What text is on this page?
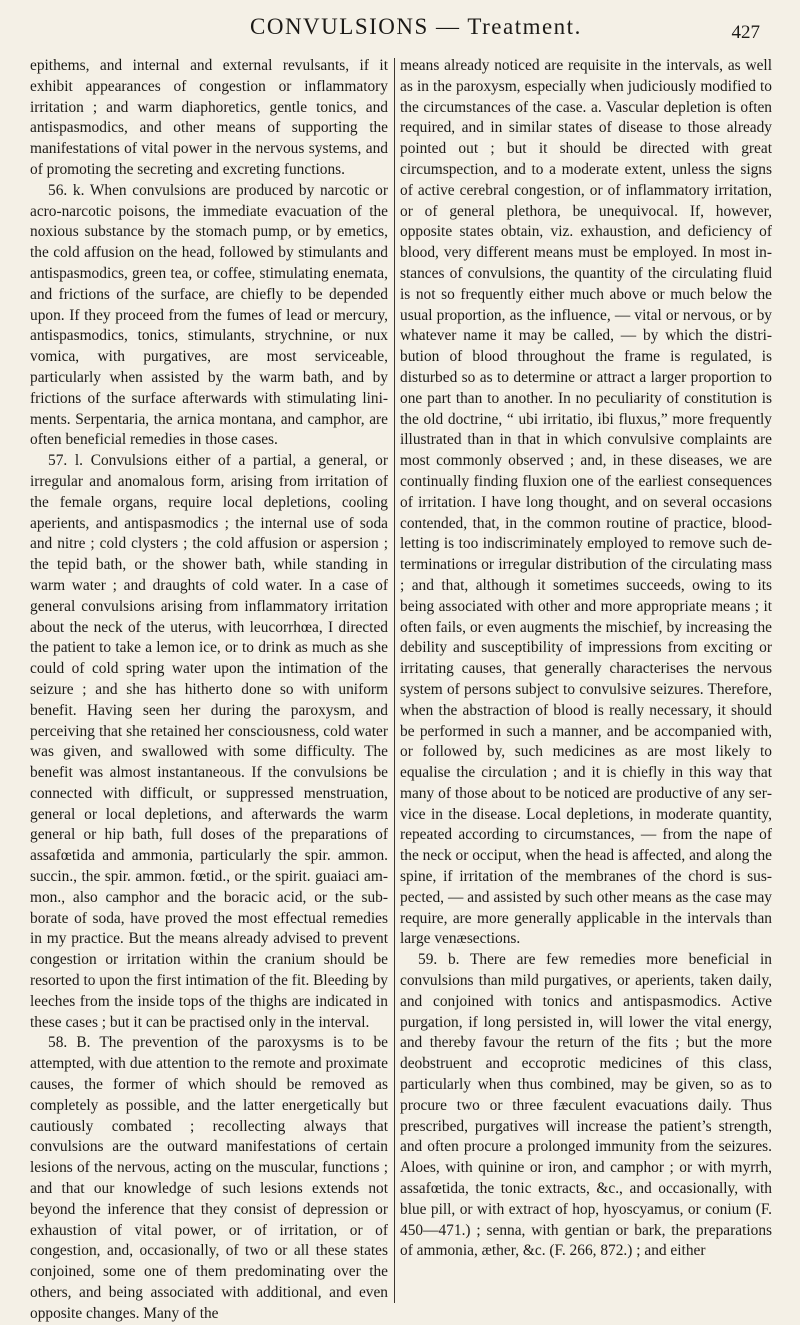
CONVULSIONS — Treatment.	427

epithems, and internal and external revulsants, if it exhibit appearances of congestion or inflammatory irritation ; and warm diaphoretics, gentle tonics, and antispasmodics, and other means of supporting the manifestations of vital power in the nervous systems, and of promoting the secreting and excreting functions.

56. k. When convulsions are produced by narcotic or acro-narcotic poisons, the immediate evacuation of the noxious substance by the stomach pump, or by emetics, the cold affusion on the head, followed by stimulants and antispasmodics, green tea, or coffee, stimulating enemata, and frictions of the surface, are chiefly to be depended upon. If they proceed from the fumes of lead or mercury, antispasmodics, tonics, stimulants, strychnine, or nux vomica, with purgatives, are most serviceable, particularly when assisted by the warm bath, and by frictions of the surface afterwards with stimulating liniments. Serpentaria, the arnica montana, and camphor, are often beneficial remedies in those cases.

57. l. Convulsions either of a partial, a general, or irregular and anomalous form, arising from irritation of the female organs, require local depletions, cooling aperients, and antispasmodics ; the internal use of soda and nitre ; cold clysters ; the cold affusion or aspersion ; the tepid bath, or the shower bath, while standing in warm water ; and draughts of cold water. In a case of general convulsions arising from inflammatory irritation about the neck of the uterus, with leucorrhœa, I directed the patient to take a lemon ice, or to drink as much as she could of cold spring water upon the intimation of the seizure ; and she has hitherto done so with uniform benefit. Having seen her during the paroxysm, and perceiving that she retained her consciousness, cold water was given, and swallowed with some difficulty. The benefit was almost instantaneous. If the convulsions be connected with difficult, or suppressed menstruation, general or local depletions, and afterwards the warm general or hip bath, full doses of the preparations of assafœtida and ammonia, particularly the spir. ammon. succin., the spir. ammon. fœtid., or the spirit. guaiaci ammon., also camphor and the boracic acid, or the sub-borate of soda, have proved the most effectual remedies in my practice. But the means already advised to prevent congestion or irritation within the cranium should be resorted to upon the first intimation of the fit. Bleeding by leeches from the inside tops of the thighs are indicated in these cases ; but it can be practised only in the interval.

58. B. The prevention of the paroxysms is to be attempted, with due attention to the remote and proximate causes, the former of which should be removed as completely as possible, and the latter energetically but cautiously combated ; recollecting always that convulsions are the outward manifestations of certain lesions of the nervous, acting on the muscular, functions ; and that our knowledge of such lesions extends not beyond the inference that they consist of depression or exhaustion of vital power, or of irritation, or of congestion, and, occasionally, of two or all these states conjoined, some one of them predominating over the others, and being associated with additional, and even opposite changes. Many of the

means already noticed are requisite in the intervals, as well as in the paroxysm, especially when judiciously modified to the circumstances of the case. a. Vascular depletion is often required, and in similar states of disease to those already pointed out ; but it should be directed with great circumspection, and to a moderate extent, unless the signs of active cerebral congestion, or of inflammatory irritation, or of general plethora, be unequivocal. If, however, opposite states obtain, viz. exhaustion, and deficiency of blood, very different means must be employed. In most instances of convulsions, the quantity of the circulating fluid is not so frequently either much above or much below the usual proportion, as the influence, — vital or nervous, or by whatever name it may be called, — by which the distribution of blood throughout the frame is regulated, is disturbed so as to determine or attract a larger proportion to one part than to another. In no peculiarity of constitution is the old doctrine, “ ubi irritatio, ibi fluxus,” more frequently illustrated than in that in which convulsive complaints are most commonly observed ; and, in these diseases, we are continually finding fluxion one of the earliest consequences of irritation. I have long thought, and on several occasions contended, that, in the common routine of practice, blood-letting is too indiscriminately employed to remove such determinations or irregular distribution of the circulating mass ; and that, although it sometimes succeeds, owing to its being associated with other and more appropriate means ; it often fails, or even augments the mischief, by increasing the debility and susceptibility of impressions from exciting or irritating causes, that generally characterises the nervous system of persons subject to convulsive seizures. Therefore, when the abstraction of blood is really necessary, it should be performed in such a manner, and be accompanied with, or followed by, such medicines as are most likely to equalise the circulation ; and it is chiefly in this way that many of those about to be noticed are productive of any service in the disease. Local depletions, in moderate quantity, repeated according to circumstances, — from the nape of the neck or occiput, when the head is affected, and along the spine, if irritation of the membranes of the chord is suspected, — and assisted by such other means as the case may require, are more generally applicable in the intervals than large venæsections.

59. b. There are few remedies more beneficial in convulsions than mild purgatives, or aperients, taken daily, and conjoined with tonics and antispasmodics. Active purgation, if long persisted in, will lower the vital energy, and thereby favour the return of the fits ; but the more deobstruent and eccoprotic medicines of this class, particularly when thus combined, may be given, so as to procure two or three fæculent evacuations daily. Thus prescribed, purgatives will increase the patient’s strength, and often procure a prolonged immunity from the seizures. Aloes, with quinine or iron, and camphor ; or with myrrh, assafœtida, the tonic extracts, &c., and occasionally, with blue pill, or with extract of hop, hyoscyamus, or conium (F. 450—471.) ; senna, with gentian or bark, the preparations of ammonia, æther, &c. (F. 266, 872.) ; and either
